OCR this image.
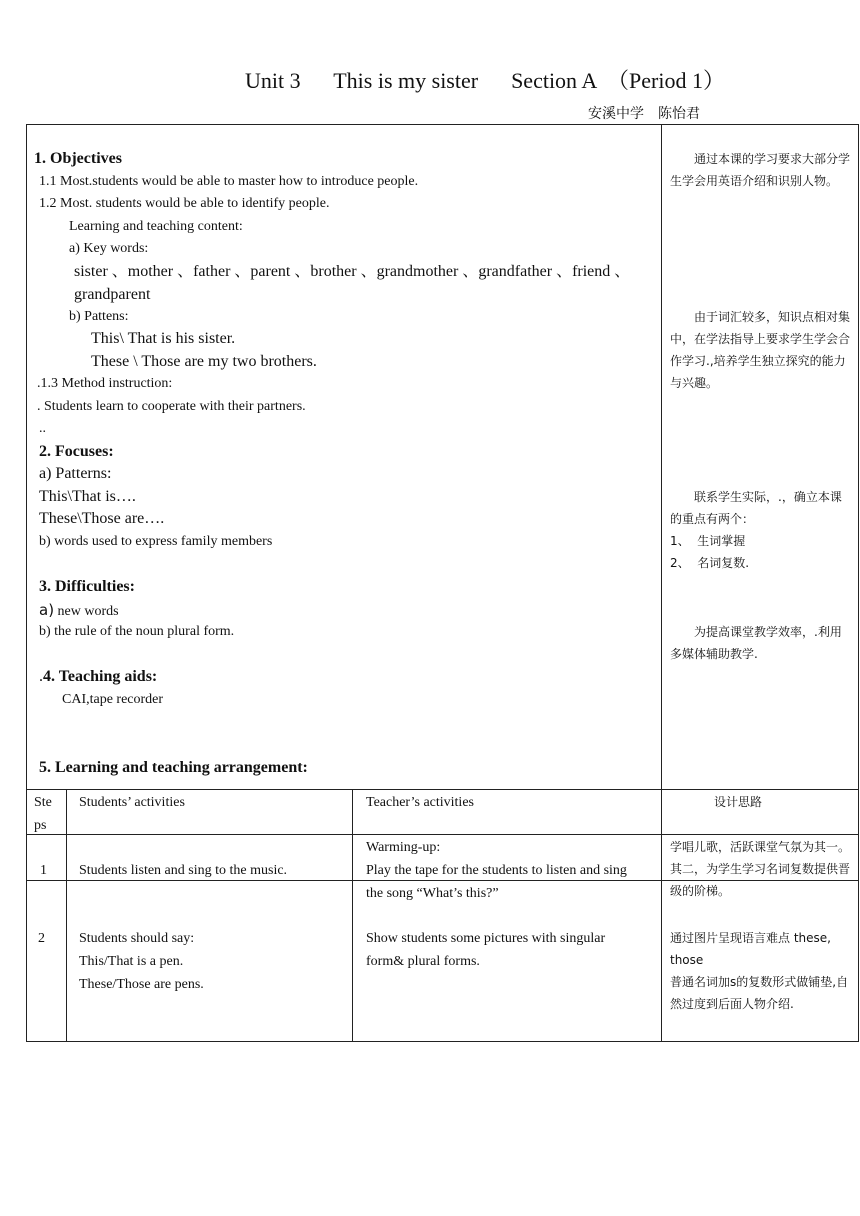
Unit 3      This is my sister      Section A  （Period 1）
安溪中学    陈怡君
1. Objectives
1.1 Most.students would be able to master how to introduce people.
1.2 Most. students would be able to identify people.
Learning and teaching content:
a) Key words:
sister 、mother 、father 、parent 、brother 、grandmother 、grandfather 、friend 、
grandparent
b) Pattens:
This\ That is his sister.
These \ Those are my two brothers.
.1.3 Method instruction:
. Students learn to cooperate with their partners.
..
2. Focuses:
a) Patterns:
This\That is….
These\Those are….
b) words used to express family members
3. Difficulties:
a) new words
b) the rule of the noun plural form.
.4. Teaching aids:
CAI,tape recorder
5. Learning and teaching arrangement:
通过本课的学习要求大部分学生学会用英语介绍和识别人物。
由于词汇较多，知识点相对集中，在学法指导上要求学生学会合作学习.,培养学生独立探究的能力与兴趣。
联系学生实际，.，确立本课的重点有两个：
1、  生词掌握
2、  名词复数.
为提高课堂教学效率，.利用多媒体辅助教学.
Ste
ps
Students’ activities	Teacher’s activities	设计思路
1 Students listen and sing to the music.
Warming-up:
Play the tape for the students to listen and sing
the song “What’s this?”
学唱儿歌，活跃课堂气氛为其一。其二，为学生学习名词复数提供晋级的阶梯。
2 Students should say:
This/That is a pen.
These/Those are pens.
Show students some pictures with singular
form& plural forms.
通过图片呈现语言难点 these, those
普通名词加s的复数形式做铺垫,自然过度到后面人物介绍.
